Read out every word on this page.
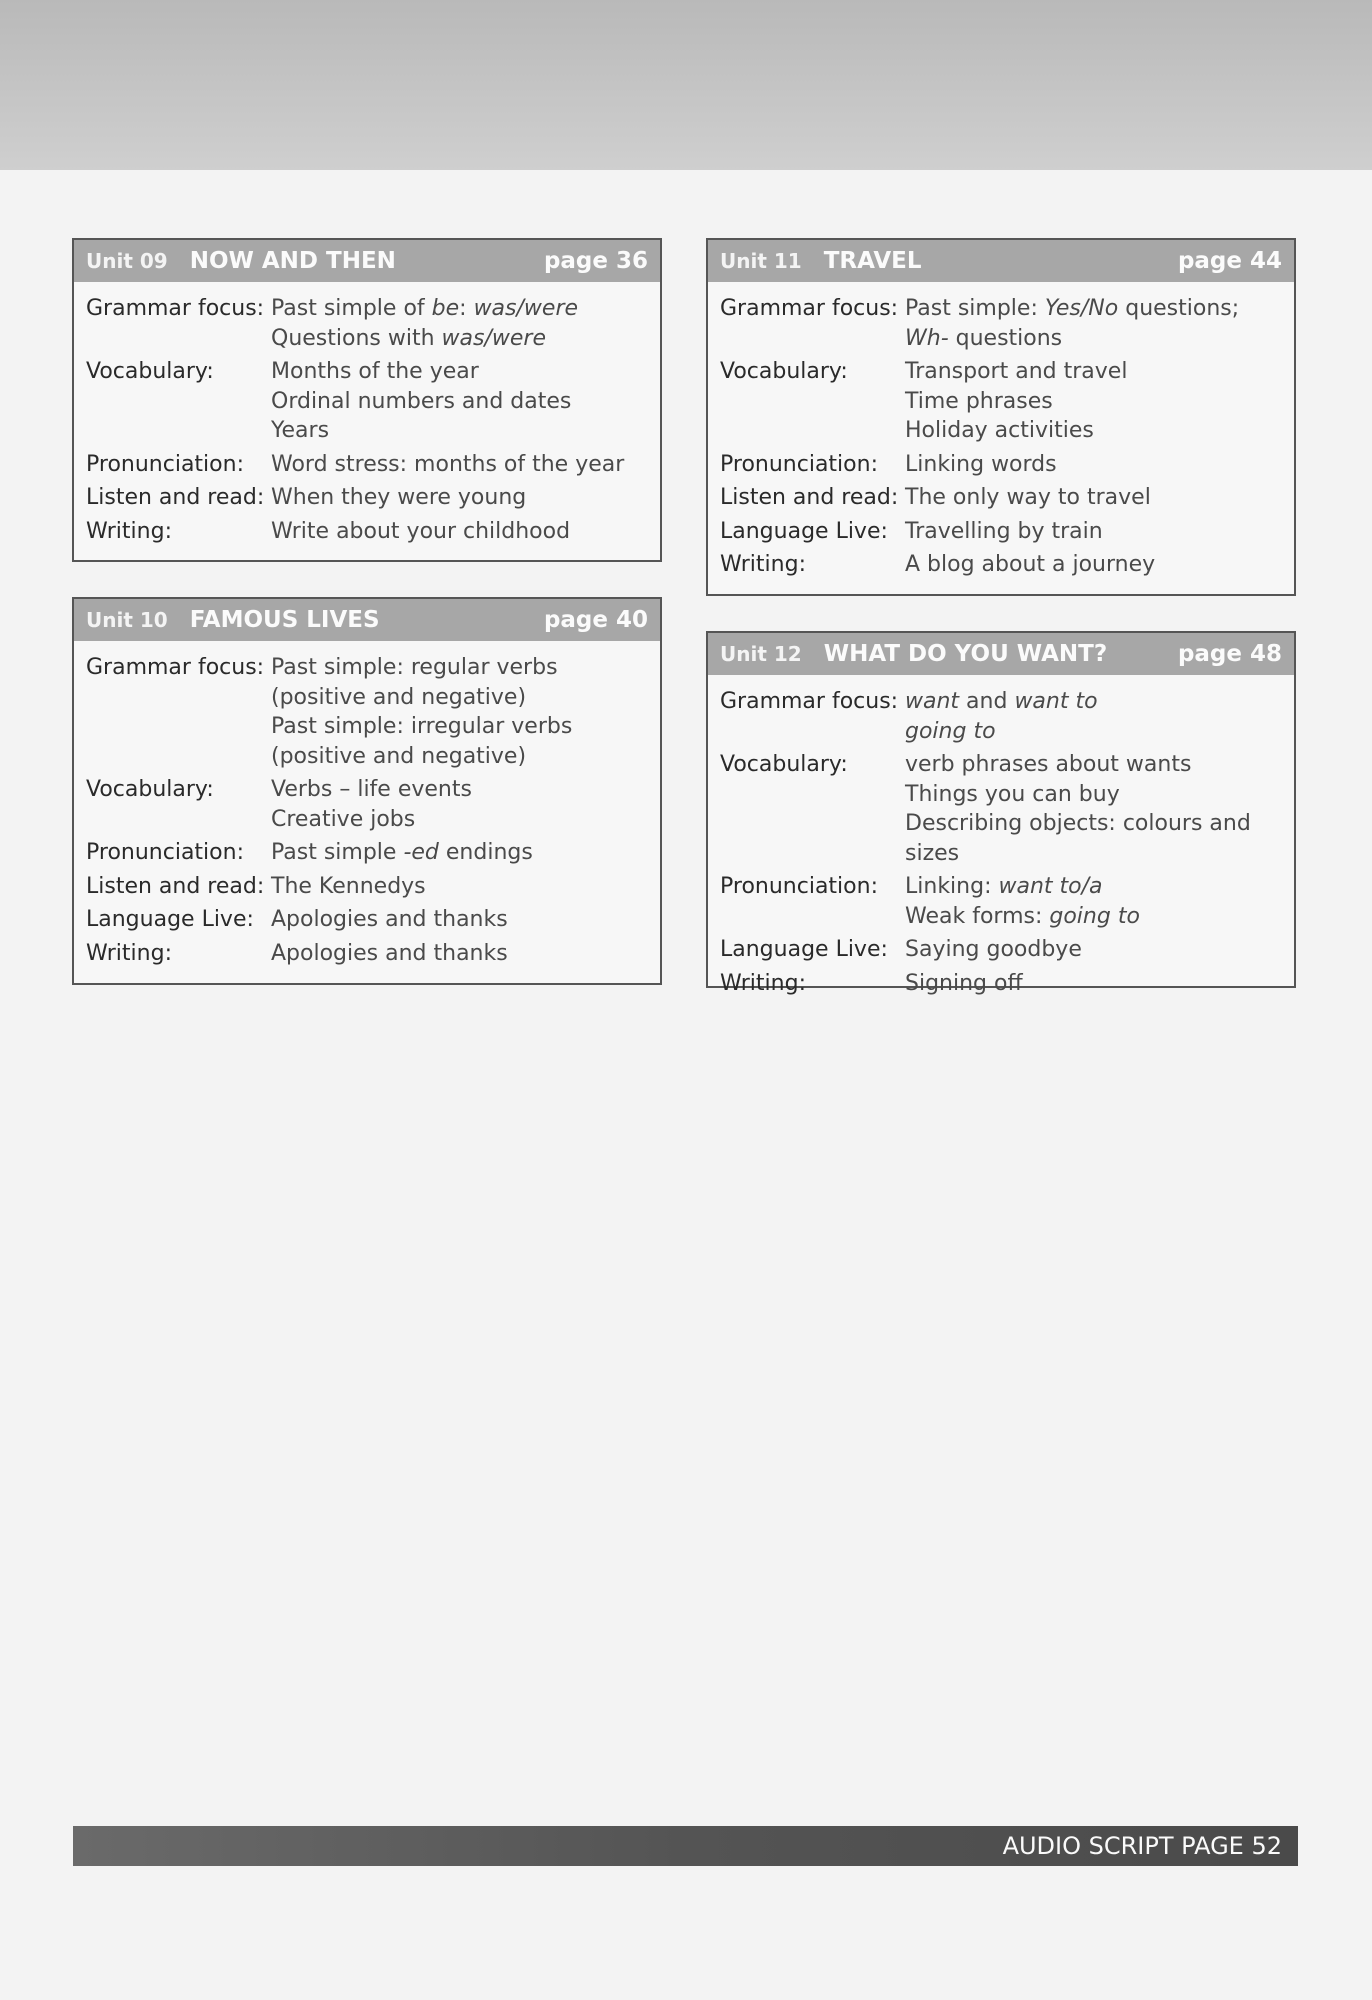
Unit 09 NOW AND THEN	page 36
Grammar focus: Past simple of be: was/were
Questions with was/were
Vocabulary:	Months of the year
Ordinal numbers and dates
Years
Pronunciation:	Word stress: months of the year
Listen and read: When they were young
Writing:	Write about your childhood
Unit 10 FAMOUS LIVES	page 40
Grammar focus: Past simple: regular verbs (positive and negative)
Past simple: irregular verbs (positive and negative)
Vocabulary:	Verbs – life events
Creative jobs
Pronunciation:	Past simple -ed endings
Listen and read: The Kennedys
Language Live: Apologies and thanks
Writing:	Apologies and thanks
Unit 11 TRAVEL	page 44
Grammar focus: Past simple: Yes/No questions;
Wh- questions
Vocabulary:	Transport and travel
Time phrases
Holiday activities
Pronunciation:	Linking words
Listen and read: The only way to travel
Language Live: Travelling by train
Writing:	A blog about a journey
Unit 12 WHAT DO YOU WANT?	page 48
Grammar focus: want and want to
going to
Vocabulary:	verb phrases about wants
Things you can buy
Describing objects: colours and sizes
Pronunciation:	Linking: want to/a
Weak forms: going to
Language Live: Saying goodbye
Writing:	Signing off
AUDIO SCRIPT PAGE 52
